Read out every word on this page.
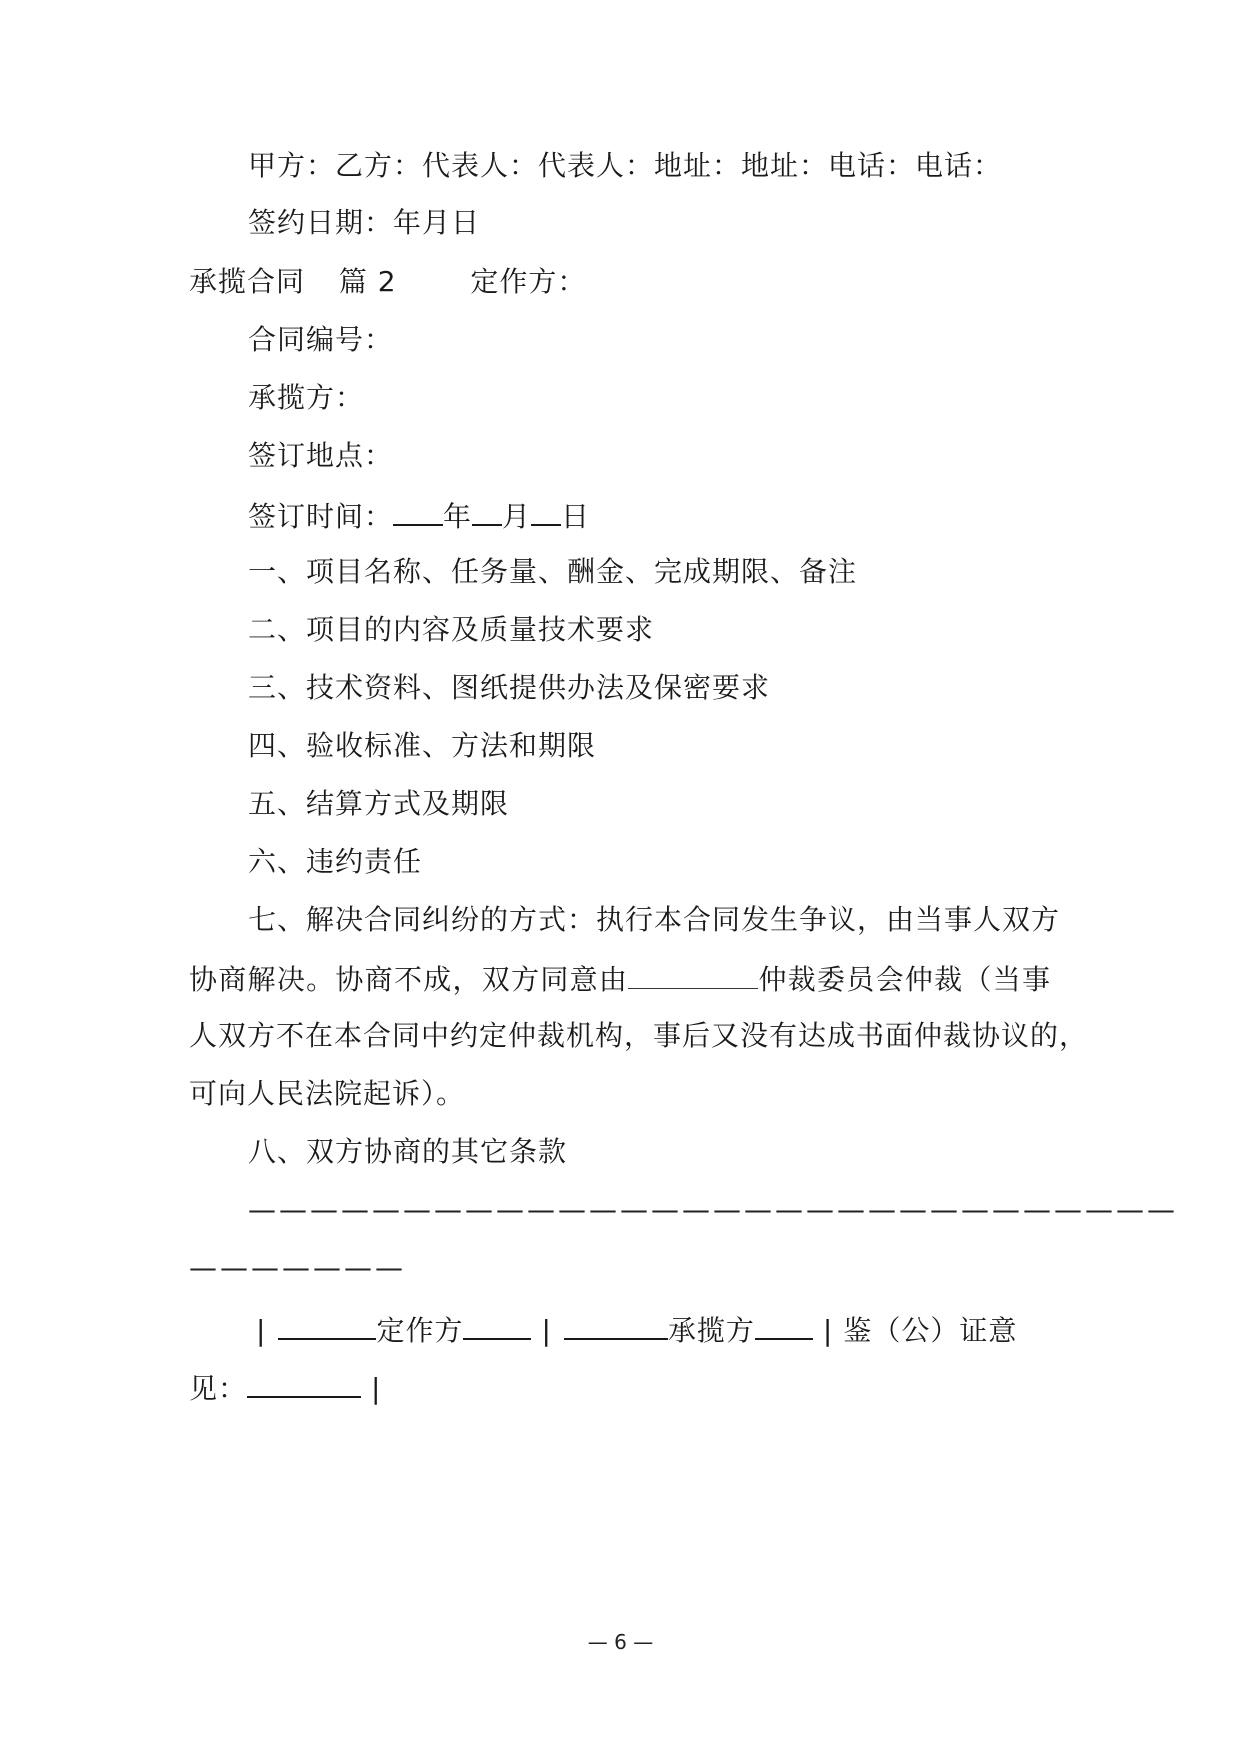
甲方：乙方：代表人：代表人：地址：地址：电话：电话：
签约日期：年月日
承揽合同 篇 2	定作方：
合同编号：
承揽方：
签订地点：
签订时间： 年 月 日
一、项目名称、任务量、酬金、完成期限、备注
二、项目的内容及质量技术要求
三、技术资料、图纸提供办法及保密要求
四、验收标准、方法和期限
五、结算方式及期限
六、违约责任
七、解决合同纠纷的方式：执行本合同发生争议，由当事人双方
协商解决。协商不成，双方同意由	仲裁委员会仲裁（当事
人双方不在本合同中约定仲裁机构，事后又没有达成书面仲裁协议的，
可向人民法院起诉）。
八、双方协商的其它条款
——————————————————————————————
———————
|	定作方	|	承揽方 | 鉴（公）证意
见：	|
— 6 —
